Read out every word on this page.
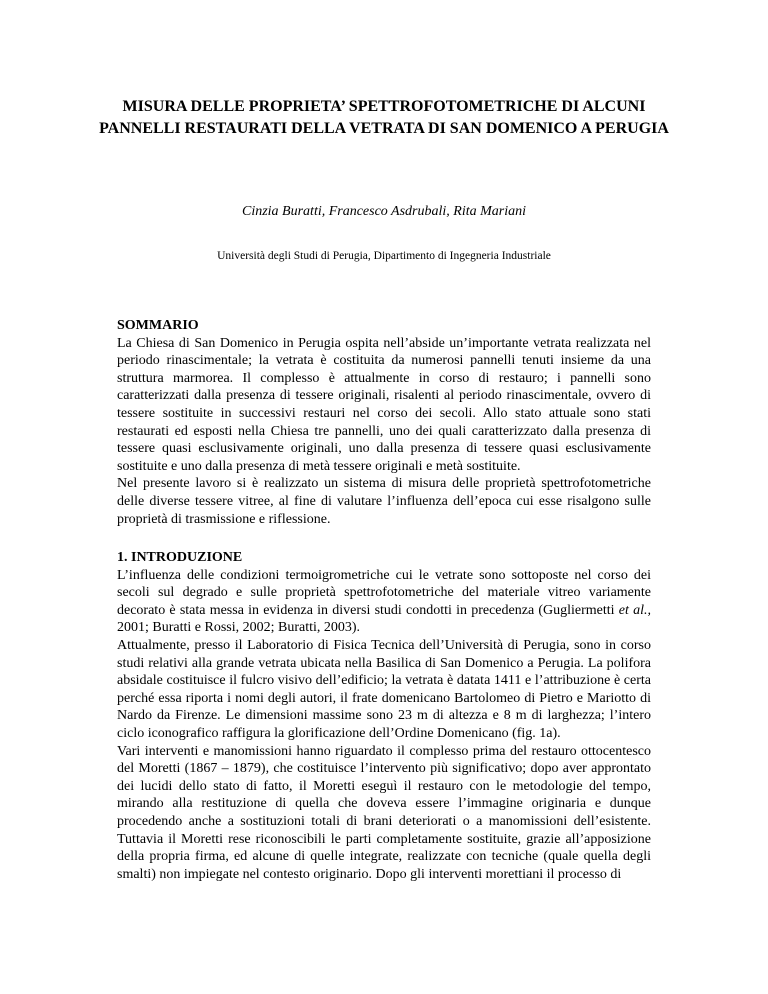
MISURA DELLE PROPRIETA’ SPETTROFOTOMETRICHE DI ALCUNI PANNELLI RESTAURATI DELLA VETRATA DI SAN DOMENICO A PERUGIA
Cinzia Buratti, Francesco Asdrubali, Rita Mariani
Università degli Studi di Perugia, Dipartimento di Ingegneria Industriale

SOMMARIO

La Chiesa di San Domenico in Perugia ospita nell’abside un’importante vetrata realizzata nel periodo rinascimentale; la vetrata è costituita da numerosi pannelli tenuti insieme da una struttura marmorea. Il complesso è attualmente in corso di restauro; i pannelli sono caratterizzati dalla presenza di tessere originali, risalenti al periodo rinascimentale, ovvero di tessere sostituite in successivi restauri nel corso dei secoli. Allo stato attuale sono stati restaurati ed esposti nella Chiesa tre pannelli, uno dei quali caratterizzato dalla presenza di tessere quasi esclusivamente originali, uno dalla presenza di tessere quasi esclusivamente sostituite e uno dalla presenza di metà tessere originali e metà sostituite.

Nel presente lavoro si è realizzato un sistema di misura delle proprietà spettrofotometriche delle diverse tessere vitree, al fine di valutare l’influenza dell’epoca cui esse risalgono sulle proprietà di trasmissione e riflessione.

1. INTRODUZIONE

L’influenza delle condizioni termoigrometriche cui le vetrate sono sottoposte nel corso dei secoli sul degrado e sulle proprietà spettrofotometriche del materiale vitreo variamente decorato è stata messa in evidenza in diversi studi condotti in precedenza (Gugliermetti et al., 2001; Buratti e Rossi, 2002; Buratti, 2003).

Attualmente, presso il Laboratorio di Fisica Tecnica dell’Università di Perugia, sono in corso studi relativi alla grande vetrata ubicata nella Basilica di San Domenico a Perugia. La polifora absidale costituisce il fulcro visivo dell’edificio; la vetrata è datata 1411 e l’attribuzione è certa perché essa riporta i nomi degli autori, il frate domenicano Bartolomeo di Pietro e Mariotto di Nardo da Firenze. Le dimensioni massime sono 23 m di altezza e 8 m di larghezza; l’intero ciclo iconografico raffigura la glorificazione dell’Ordine Domenicano (fig. 1a).

Vari interventi e manomissioni hanno riguardato il complesso prima del restauro ottocentesco del Moretti (1867 – 1879), che costituisce l’intervento più significativo; dopo aver approntato dei lucidi dello stato di fatto, il Moretti eseguì il restauro con le metodologie del tempo, mirando alla restituzione di quella che doveva essere l’immagine originaria e dunque procedendo anche a sostituzioni totali di brani deteriorati o a manomissioni dell’esistente. Tuttavia il Moretti rese riconoscibili le parti completamente sostituite, grazie all’apposizione della propria firma, ed alcune di quelle integrate, realizzate con tecniche (quale quella degli smalti) non impiegate nel contesto originario. Dopo gli interventi morettiani il processo di
